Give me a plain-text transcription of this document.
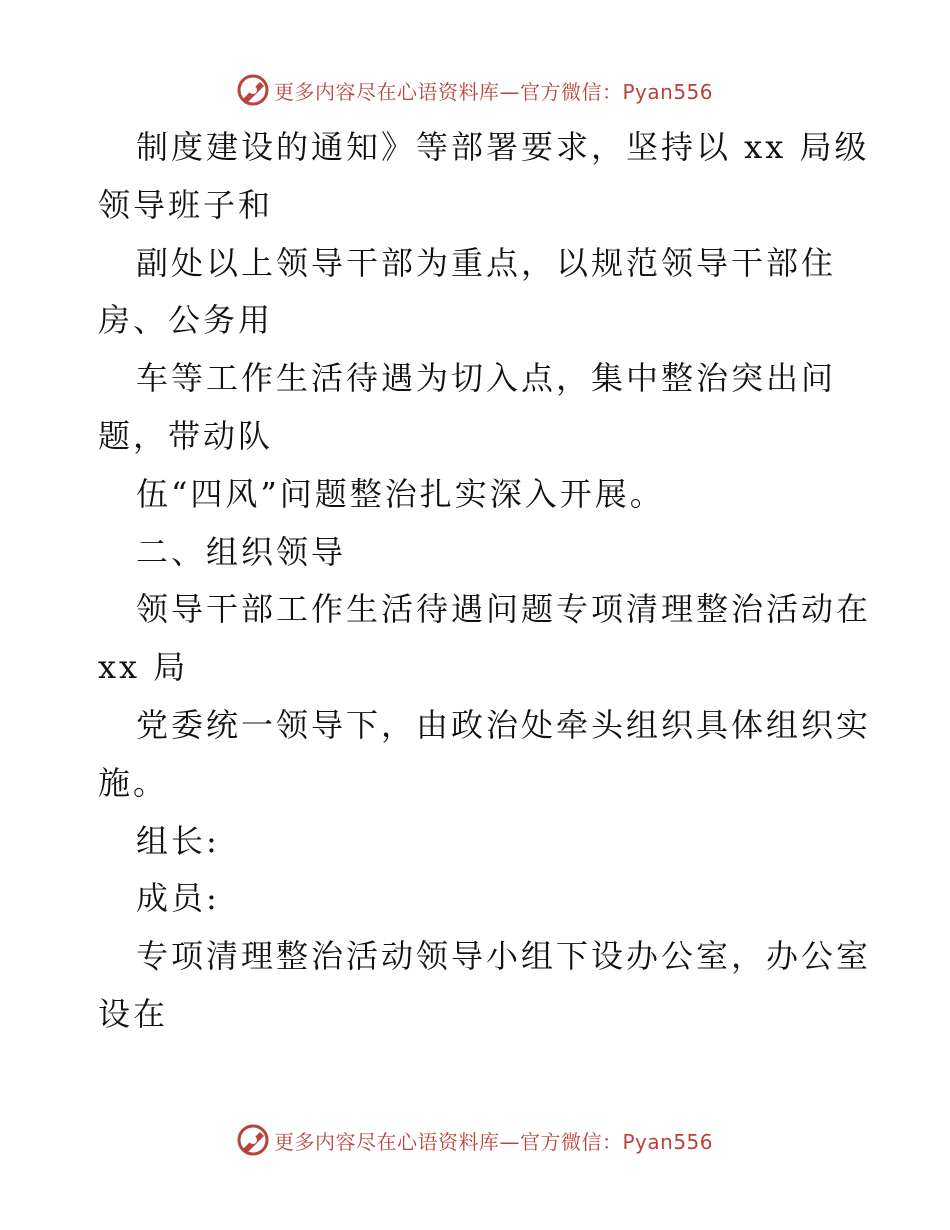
更多内容尽在心语资料库—官方微信：Pyan556
制度建设的通知》等部署要求，坚持以 xx 局级
领导班子和
副处以上领导干部为重点，以规范领导干部住
房、公务用
车等工作生活待遇为切入点，集中整治突出问
题，带动队
伍“四风”问题整治扎实深入开展。
二、组织领导
领导干部工作生活待遇问题专项清理整治活动在
xx 局
党委统一领导下，由政治处牵头组织具体组织实
施。
组长:
成员:
专项清理整治活动领导小组下设办公室，办公室
设在
更多内容尽在心语资料库—官方微信：Pyan556
